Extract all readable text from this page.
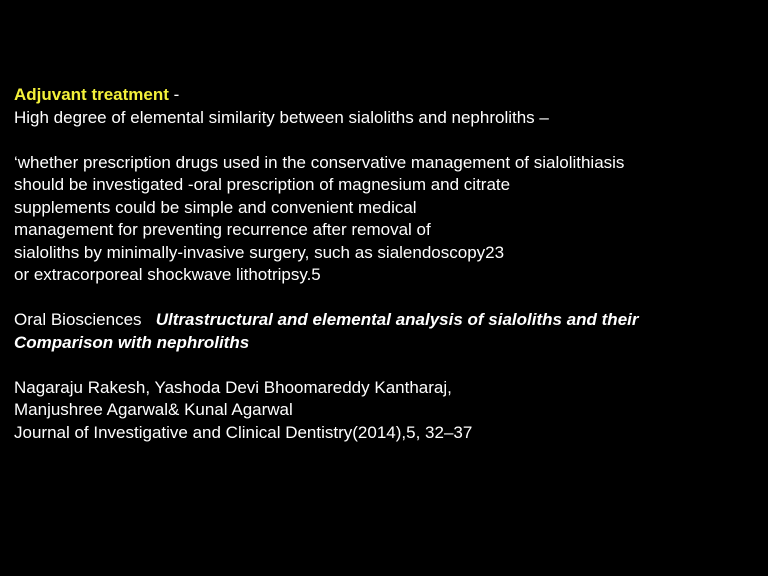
Adjuvant treatment -
High degree of elemental similarity between sialoliths and nephroliths –
‘whether prescription drugs used in the conservative management of sialolithiasis
should be investigated -oral prescription of magnesium and citrate
supplements could be simple and convenient medical
management for preventing recurrence after removal of
sialoliths by minimally-invasive surgery, such as sialendoscopy23
or extracorporeal shockwave lithotripsy.5
Oral Biosciences Ultrastructural and elemental analysis of sialoliths and their
Comparison with nephroliths
Nagaraju Rakesh, Yashoda Devi Bhoomareddy Kantharaj,
Manjushree Agarwal& Kunal Agarwal
Journal of Investigative and Clinical Dentistry(2014),5, 32–37
